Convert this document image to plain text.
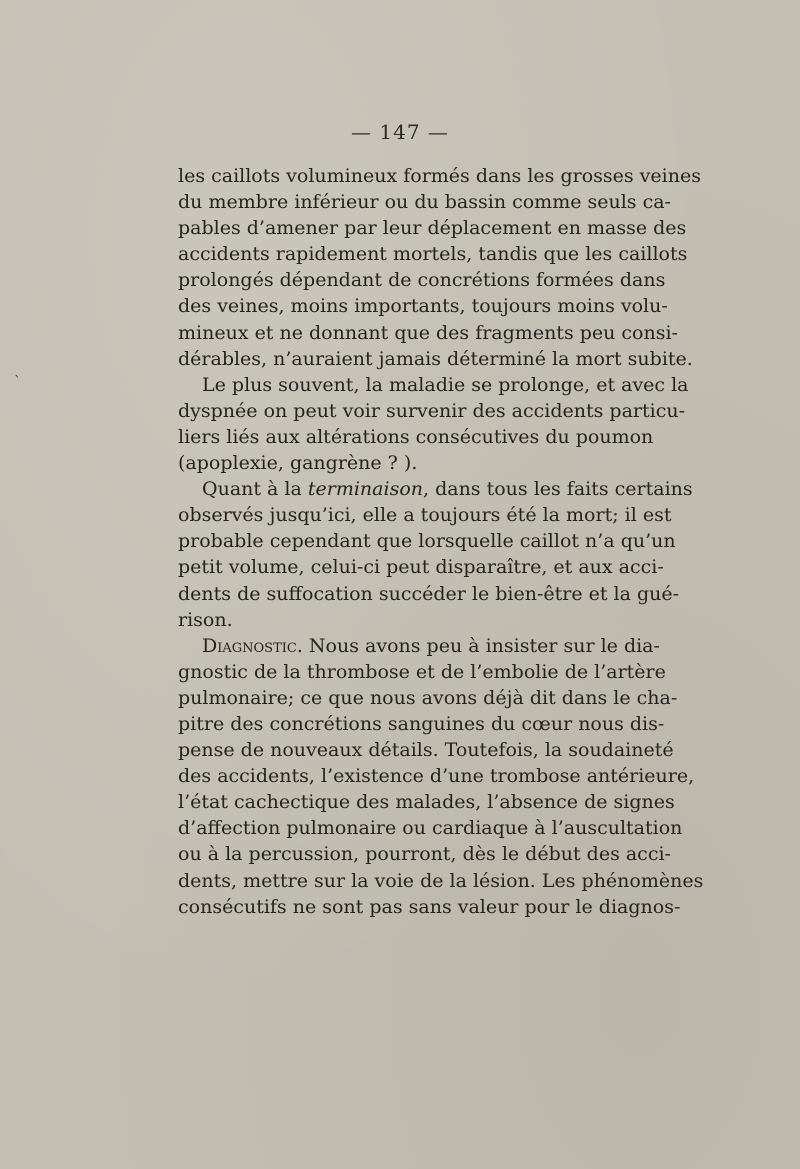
— 147 —
ˋ
les caillots volumineux formés dans les grosses veines
du membre inférieur ou du bassin comme seuls ca-
pables d’amener par leur déplacement en masse des
accidents rapidement mortels, tandis que les caillots
prolongés dépendant de concrétions formées dans
des veines, moins importants, toujours moins volu-
mineux et ne donnant que des fragments peu consi-
dérables, n’auraient jamais déterminé la mort subite.
Le plus souvent, la maladie se prolonge, et avec la
dyspnée on peut voir survenir des accidents particu-
liers liés aux altérations consécutives du poumon
(apoplexie, gangrène ? ).
Quant à la terminaison, dans tous les faits certains
observés jusqu’ici, elle a toujours été la mort; il est
probable cependant que lorsquelle caillot n’a qu’un
petit volume, celui-ci peut disparaître, et aux acci-
dents de suffocation succéder le bien-être et la gué-
rison.
Diagnostic. Nous avons peu à insister sur le dia-
gnostic de la thrombose et de l’embolie de l’artère
pulmonaire; ce que nous avons déjà dit dans le cha-
pitre des concrétions sanguines du cœur nous dis-
pense de nouveaux détails. Toutefois, la soudaineté
des accidents, l’existence d’une trombose antérieure,
l’état cachectique des malades, l’absence de signes
d’affection pulmonaire ou cardiaque à l’auscultation
ou à la percussion, pourront, dès le début des acci-
dents, mettre sur la voie de la lésion. Les phénomènes
consécutifs ne sont pas sans valeur pour le diagnos-
